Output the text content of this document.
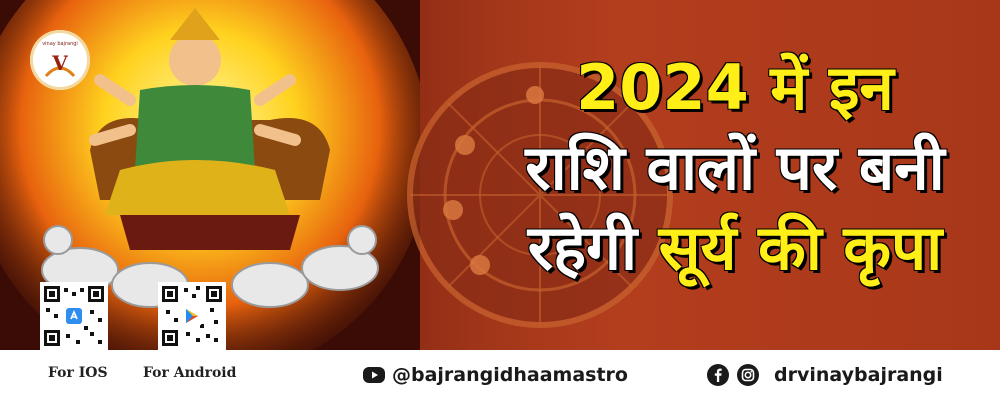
V
vinay bajrangi
2024 में इन
राशि वालों पर बनी
रहेगी सूर्य की कृपा
For IOS	For Android	@bajrangidhaamastro	drvinaybajrangi
